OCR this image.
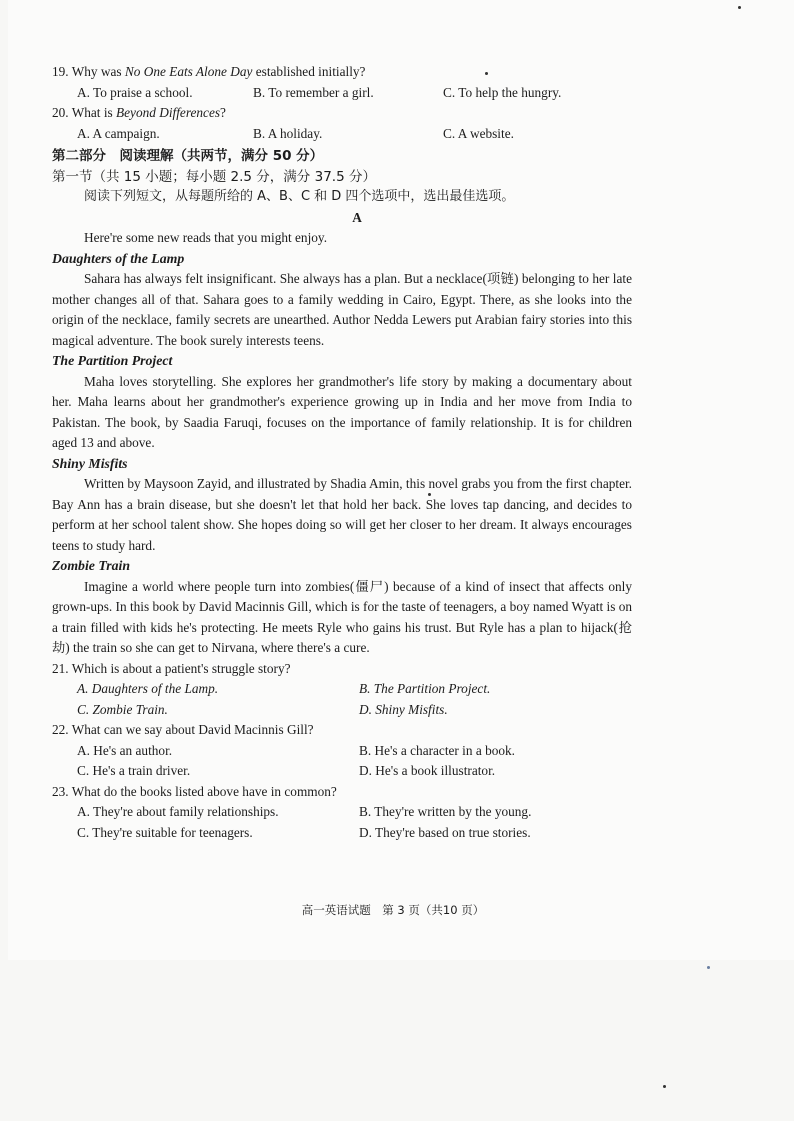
19. Why was No One Eats Alone Day established initially?
A. To praise a school.	B. To remember a girl.	C. To help the hungry.
20. What is Beyond Differences?
A. A campaign.	B. A holiday.	C. A website.
第二部分　阅读理解（共两节，满分 50 分）
第一节（共 15 小题；每小题 2.5 分，满分 37.5 分）
阅读下列短文，从每题所给的 A、B、C 和 D 四个选项中，选出最佳选项。
A
Here're some new reads that you might enjoy.
Daughters of the Lamp

Sahara has always felt insignificant. She always has a plan. But a necklace(项链) belonging to her late mother changes all of that. Sahara goes to a family wedding in Cairo, Egypt. There, as she looks into the origin of the necklace, family secrets are unearthed. Author Nedda Lewers put Arabian fairy stories into this magical adventure. The book surely interests teens.

The Partition Project

Maha loves storytelling. She explores her grandmother's life story by making a documentary about her. Maha learns about her grandmother's experience growing up in India and her move from India to Pakistan. The book, by Saadia Faruqi, focuses on the importance of family relationship. It is for children aged 13 and above.

Shiny Misfits

Written by Maysoon Zayid, and illustrated by Shadia Amin, this novel grabs you from the first chapter. Bay Ann has a brain disease, but she doesn't let that hold her back. She loves tap dancing, and decides to perform at her school talent show. She hopes doing so will get her closer to her dream. It always encourages teens to study hard.

Zombie Train

Imagine a world where people turn into zombies(僵尸) because of a kind of insect that affects only grown-ups. In this book by David Macinnis Gill, which is for the taste of teenagers, a boy named Wyatt is on a train filled with kids he's protecting. He meets Ryle who gains his trust. But Ryle has a plan to hijack(抢劫) the train so she can get to Nirvana, where there's a cure.

21. Which is about a patient's struggle story?
A. Daughters of the Lamp.	B. The Partition Project.
C. Zombie Train.	D. Shiny Misfits.
22. What can we say about David Macinnis Gill?
A. He's an author.	B. He's a character in a book.
C. He's a train driver.	D. He's a book illustrator.
23. What do the books listed above have in common?
A. They're about family relationships.	B. They're written by the young.
C. They're suitable for teenagers.	D. They're based on true stories.
高一英语试题　第 3 页（共10 页）
